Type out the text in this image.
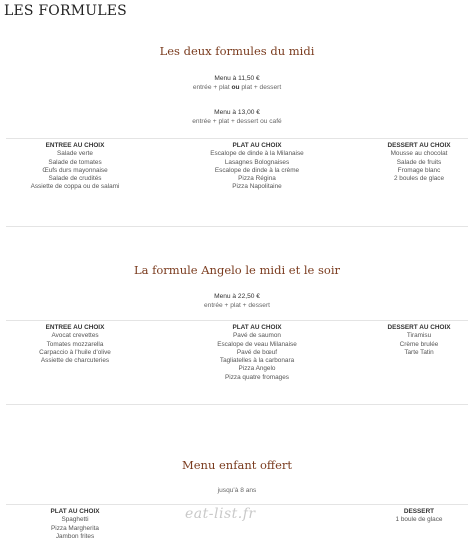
LES FORMULES
Les deux formules du midi
Menu à 11,50 €
entrée + plat ou plat + dessert
Menu à 13,00 €
entrée + plat + dessert ou café
ENTREE AU CHOIX
Salade verte
Salade de tomates
Œufs durs mayonnaise
Salade de crudités
Assiette de coppa ou de salami
PLAT AU CHOIX
Escalope de dinde à la Milanaise
Lasagnes Bolognaises
Escalope de dinde à la crème
Pizza Régina
Pizza Napolitaine
DESSERT AU CHOIX
Mousse au chocolat
Salade de fruits
Fromage blanc
2 boules de glace
La formule Angelo le midi et le soir
Menu à 22,50 €
entrée + plat + dessert
ENTREE AU CHOIX
Avocat crevettes
Tomates mozzarella
Carpaccio à l'huile d'olive
Assiette de charcuteries
PLAT AU CHOIX
Pavé de saumon
Escalope de veau Milanaise
Pavé de bœuf
Tagliatelles à la carbonara
Pizza Angelo
Pizza quatre fromages
DESSERT AU CHOIX
Tiramisu
Crème brulée
Tarte Tatin
Menu enfant offert
jusqu'à 8 ans
PLAT AU CHOIX
Spaghetti
Pizza Margherita
Jambon frites
DESSERT
1 boule de glace
eat-list.fr
